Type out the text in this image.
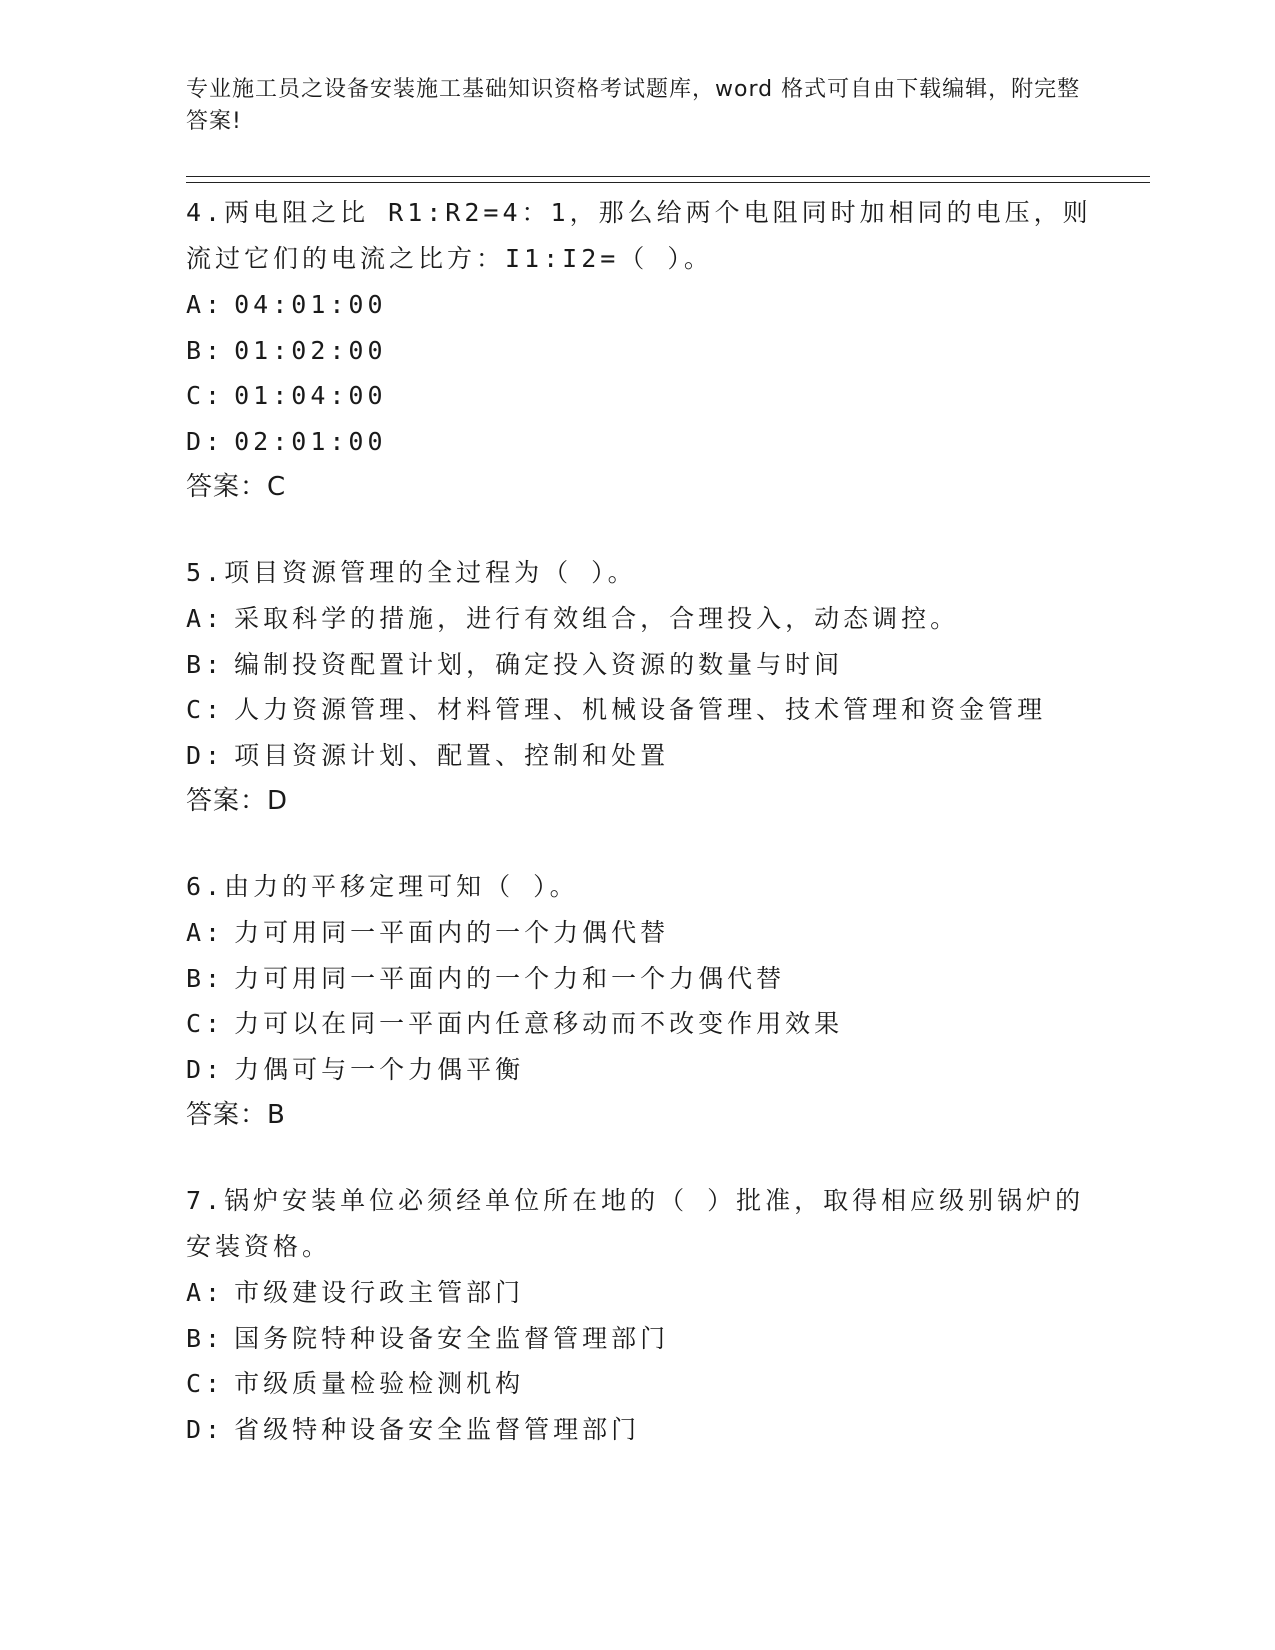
专业施工员之设备安装施工基础知识资格考试题库，word 格式可自由下载编辑，附完整答案!
4.两电阻之比 R1:R2=4：1，那么给两个电阻同时加相同的电压，则流过它们的电流之比方：I1:I2=（ ）。
A: 04:01:00
B: 01:02:00
C: 01:04:00
D: 02:01:00
答案：C
5.项目资源管理的全过程为（ ）。
A: 采取科学的措施，进行有效组合，合理投入，动态调控。
B: 编制投资配置计划，确定投入资源的数量与时间
C: 人力资源管理、材料管理、机械设备管理、技术管理和资金管理
D: 项目资源计划、配置、控制和处置
答案：D
6.由力的平移定理可知（ ）。
A: 力可用同一平面内的一个力偶代替
B: 力可用同一平面内的一个力和一个力偶代替
C: 力可以在同一平面内任意移动而不改变作用效果
D: 力偶可与一个力偶平衡
答案：B
7.锅炉安装单位必须经单位所在地的（ ）批准，取得相应级别锅炉的安装资格。
A: 市级建设行政主管部门
B: 国务院特种设备安全监督管理部门
C: 市级质量检验检测机构
D: 省级特种设备安全监督管理部门
